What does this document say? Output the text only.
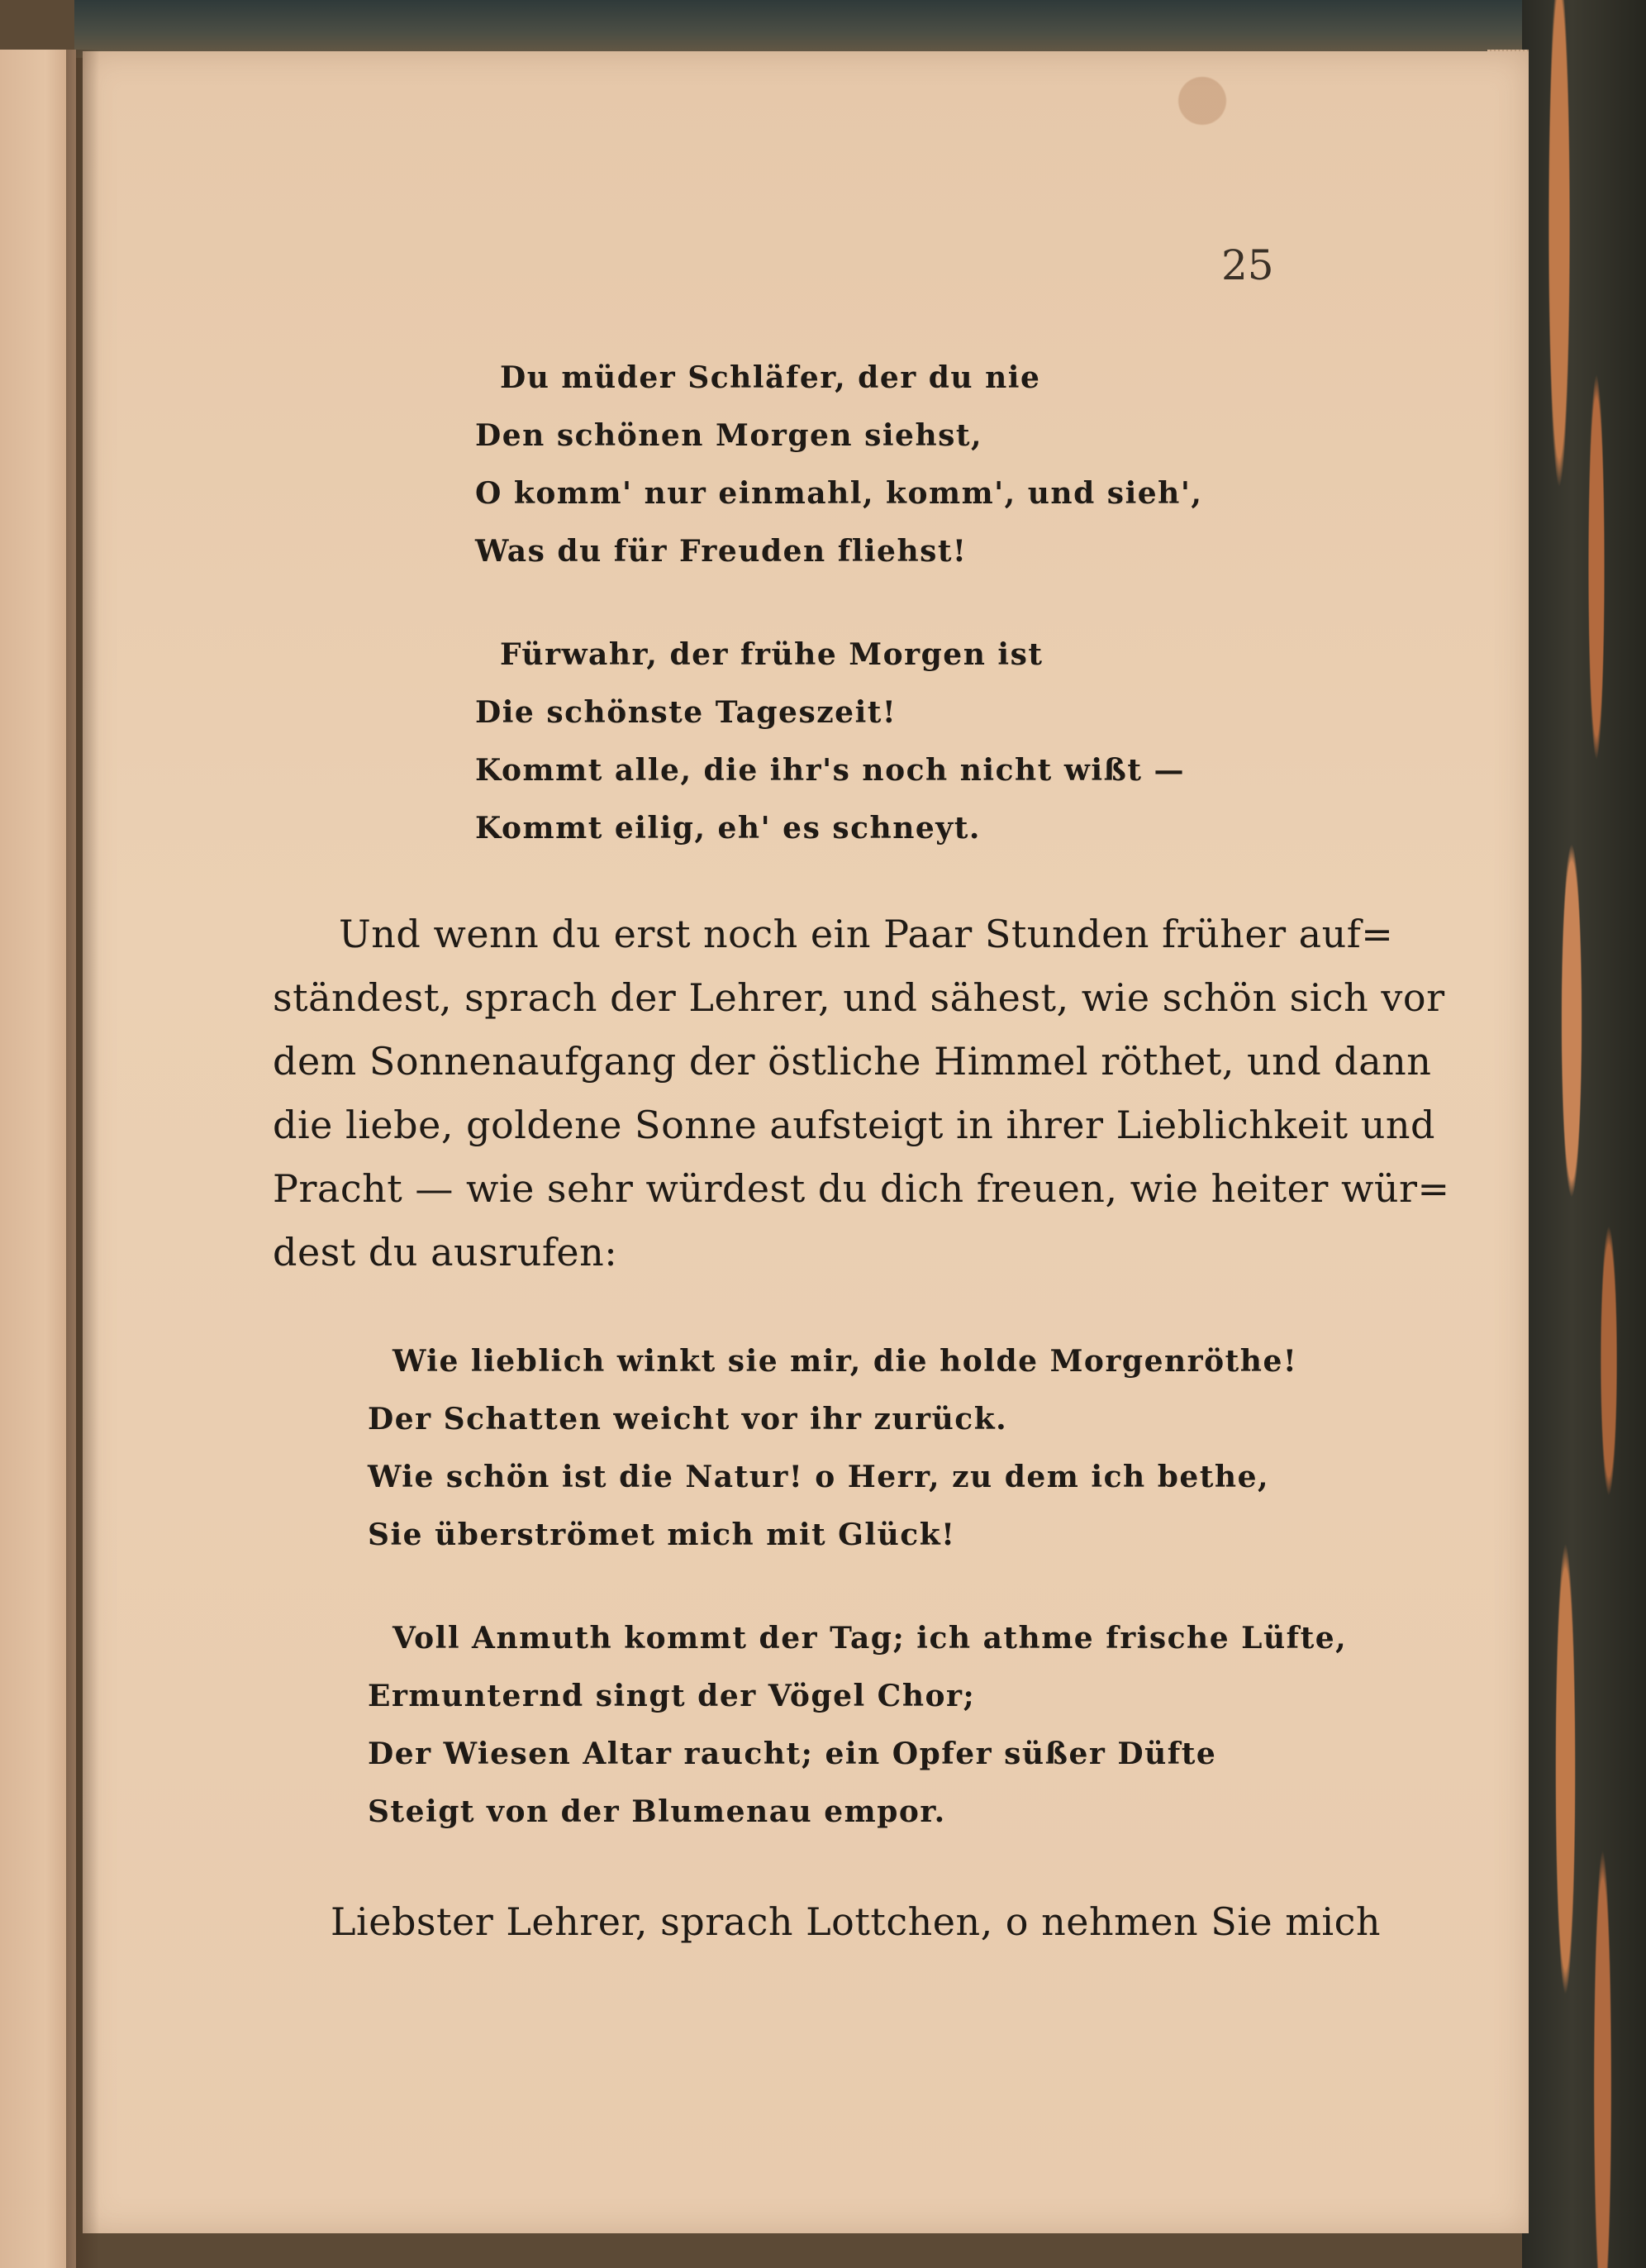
25
Du müder Schläfer, der du nie
Den schönen Morgen siehst,
O komm' nur einmahl, komm', und sieh',
Was du für Freuden fliehst!
Fürwahr, der frühe Morgen ist
Die schönste Tageszeit!
Kommt alle, die ihr's noch nicht wißt —
Kommt eilig, eh' es schneyt.
Und wenn du erst noch ein Paar Stunden früher auf=
ständest, sprach der Lehrer, und sähest, wie schön sich vor
dem Sonnenaufgang der östliche Himmel röthet, und dann
die liebe, goldene Sonne aufsteigt in ihrer Lieblichkeit und
Pracht — wie sehr würdest du dich freuen, wie heiter wür=
dest du ausrufen:
Wie lieblich winkt sie mir, die holde Morgenröthe!
Der Schatten weicht vor ihr zurück.
Wie schön ist die Natur! o Herr, zu dem ich bethe,
Sie überströmet mich mit Glück!
Voll Anmuth kommt der Tag; ich athme frische Lüfte,
Ermunternd singt der Vögel Chor;
Der Wiesen Altar raucht; ein Opfer süßer Düfte
Steigt von der Blumenau empor.
Liebster Lehrer, sprach Lottchen, o nehmen Sie mich
